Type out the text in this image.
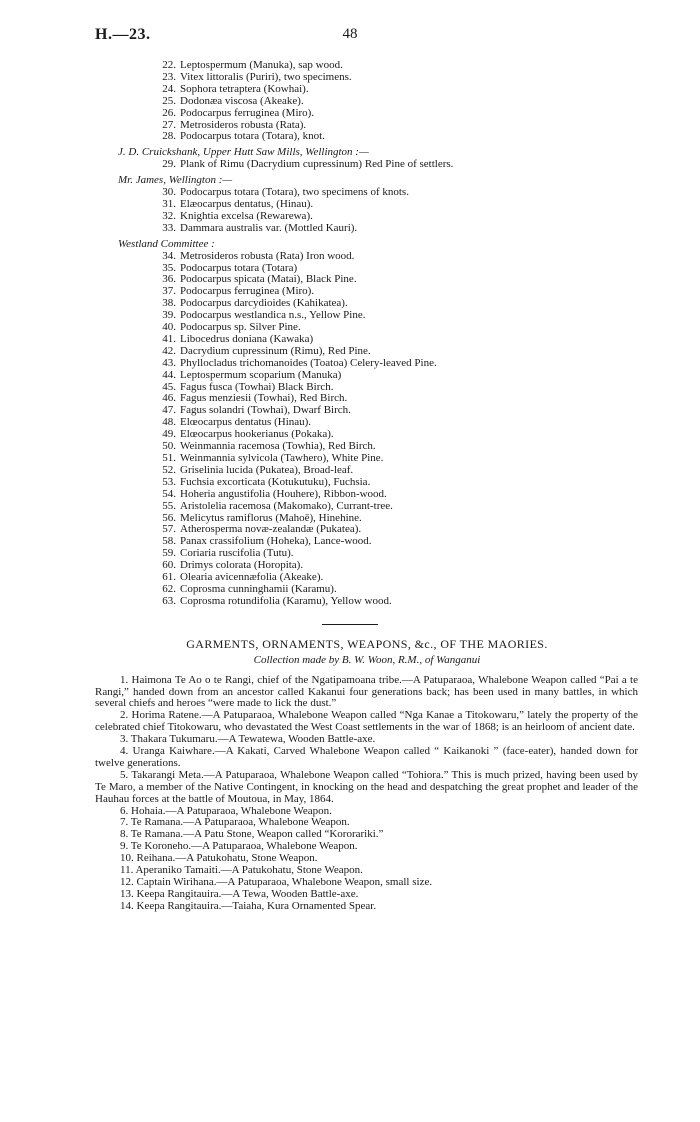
H.—23.	48
22. Leptospermum (Manuka), sap wood.
23. Vitex littoralis (Puriri), two specimens.
24. Sophora tetraptera (Kowhai).
25. Dodonæa viscosa (Akeake).
26. Podocarpus ferruginea (Miro).
27. Metrosideros robusta (Rata).
28. Podocarpus totara (Totara), knot.
J. D. Cruickshank, Upper Hutt Saw Mills, Wellington :—
29. Plank of Rimu (Dacrydium cupressinum) Red Pine of settlers.
Mr. James, Wellington :—
30. Podocarpus totara (Totara), two specimens of knots.
31. Elæocarpus dentatus, (Hinau).
32. Knightia excelsa (Rewarewa).
33. Dammara australis var. (Mottled Kauri).
Westland Committee :
34. Metrosideros robusta (Rata) Iron wood.
35. Podocarpus totara (Totara)
36. Podocarpus spicata (Matai), Black Pine.
37. Podocarpus ferruginea (Miro).
38. Podocarpus darcydioides (Kahikatea).
39. Podocarpus westlandica n.s., Yellow Pine.
40. Podocarpus sp. Silver Pine.
41. Libocedrus doniana (Kawaka)
42. Dacrydium cupressinum (Rimu), Red Pine.
43. Phyllocladus trichomanoides (Toatoa) Celery-leaved Pine.
44. Leptospermum scoparium (Manuka)
45. Fagus fusca (Towhai) Black Birch.
46. Fagus menziesii (Towhai), Red Birch.
47. Fagus solandri (Towhai), Dwarf Birch.
48. Elœocarpus dentatus (Hinau).
49. Elœocarpus hookerianus (Pokaka).
50. Weinmannia racemosa (Towhia), Red Birch.
51. Weinmannia sylvicola (Tawhero), White Pine.
52. Griselinia lucida (Pukatea), Broad-leaf.
53. Fuchsia excorticata (Kotukutuku), Fuchsia.
54. Hoheria angustifolia (Houhere), Ribbon-wood.
55. Aristolelia racemosa (Makomako), Currant-tree.
56. Melicytus ramiflorus (Mahoē), Hinehine.
57. Atherosperma novæ-zealandæ (Pukatea).
58. Panax crassifolium (Hoheka), Lance-wood.
59. Coriaria ruscifolia (Tutu).
60. Drimys colorata (Horopita).
61. Olearia avicennæfolia (Akeake).
62. Coprosma cunninghamii (Karamu).
63. Coprosma rotundifolia (Karamu), Yellow wood.
GARMENTS, ORNAMENTS, WEAPONS, &c., OF THE MAORIES.
Collection made by B. W. Woon, R.M., of Wanganui
1. Haimona Te Ao o te Rangi, chief of the Ngatipamoana tribe.—A Patuparaoa, Whalebone Weapon called “Pai a te Rangi,” handed down from an ancestor called Kakanui four generations back; has been used in many battles, in which several chiefs and heroes “were made to lick the dust.”
2. Horima Ratene.—A Patuparaoa, Whalebone Weapon called “Nga Kanae a Titokowaru,” lately the property of the celebrated chief Titokowaru, who devastated the West Coast settlements in the war of 1868; is an heirloom of ancient date.
3. Thakara Tukumaru.—A Tewatewa, Wooden Battle-axe.
4. Uranga Kaiwhare.—A Kakati, Carved Whalebone Weapon called “ Kaikanoki ” (face-eater), handed down for twelve generations.
5. Takarangi Meta.—A Patuparaoa, Whalebone Weapon called “Tohiora.” This is much prized, having been used by Te Maro, a member of the Native Contingent, in knocking on the head and despatching the great prophet and leader of the Hauhau forces at the battle of Moutoua, in May, 1864.
6. Hohaia.—A Patuparaoa, Whalebone Weapon.
7. Te Ramana.—A Patuparaoa, Whalebone Weapon.
8. Te Ramana.—A Patu Stone, Weapon called “Kororariki.”
9. Te Koroneho.—A Patuparaoa, Whalebone Weapon.
10. Reihana.—A Patukohatu, Stone Weapon.
11. Aperaniko Tamaiti.—A Patukohatu, Stone Weapon.
12. Captain Wirihana.—A Patuparaoa, Whalebone Weapon, small size.
13. Keepa Rangitauira.—A Tewa, Wooden Battle-axe.
14. Keepa Rangitauira.—Taiaha, Kura Ornamented Spear.
